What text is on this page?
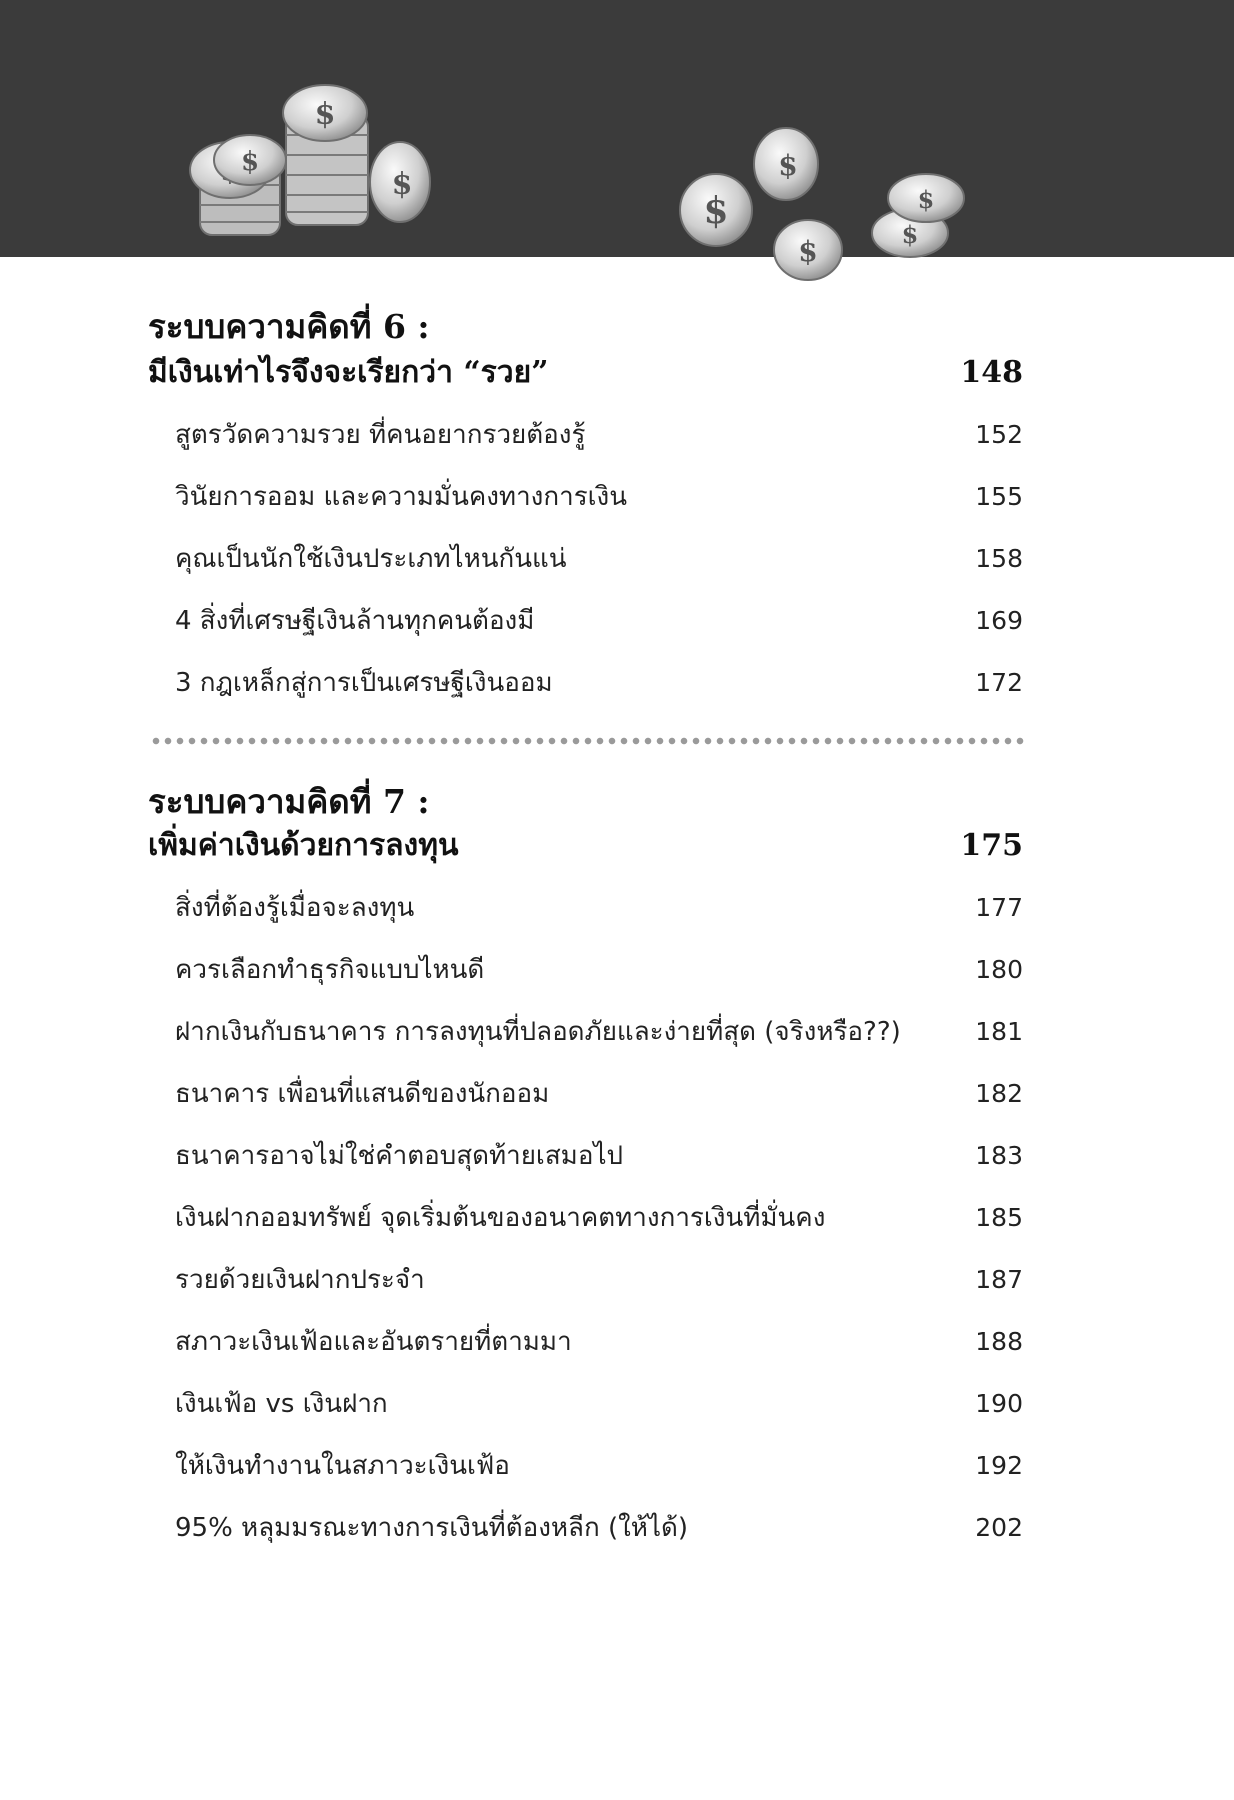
$
$
$
$
$
$
$
$
ระบบความคิดที่ 6 :
มีเงินเท่าไรจึงจะเรียกว่า “รวย”	148
สูตรวัดความรวย ที่คนอยากรวยต้องรู้	152
วินัยการออม และความมั่นคงทางการเงิน	155
คุณเป็นนักใช้เงินประเภทไหนกันแน่	158
4 สิ่งที่เศรษฐีเงินล้านทุกคนต้องมี	169
3 กฎเหล็กสู่การเป็นเศรษฐีเงินออม	172
ระบบความคิดที่ 7 :
เพิ่มค่าเงินด้วยการลงทุน	175
สิ่งที่ต้องรู้เมื่อจะลงทุน	177
ควรเลือกทำธุรกิจแบบไหนดี	180
ฝากเงินกับธนาคาร การลงทุนที่ปลอดภัยและง่ายที่สุด (จริงหรือ??)	181
ธนาคาร เพื่อนที่แสนดีของนักออม	182
ธนาคารอาจไม่ใช่คำตอบสุดท้ายเสมอไป	183
เงินฝากออมทรัพย์ จุดเริ่มต้นของอนาคตทางการเงินที่มั่นคง	185
รวยด้วยเงินฝากประจำ	187
สภาวะเงินเฟ้อและอันตรายที่ตามมา	188
เงินเฟ้อ vs เงินฝาก	190
ให้เงินทำงานในสภาวะเงินเฟ้อ	192
95% หลุมมรณะทางการเงินที่ต้องหลีก (ให้ได้)	202
